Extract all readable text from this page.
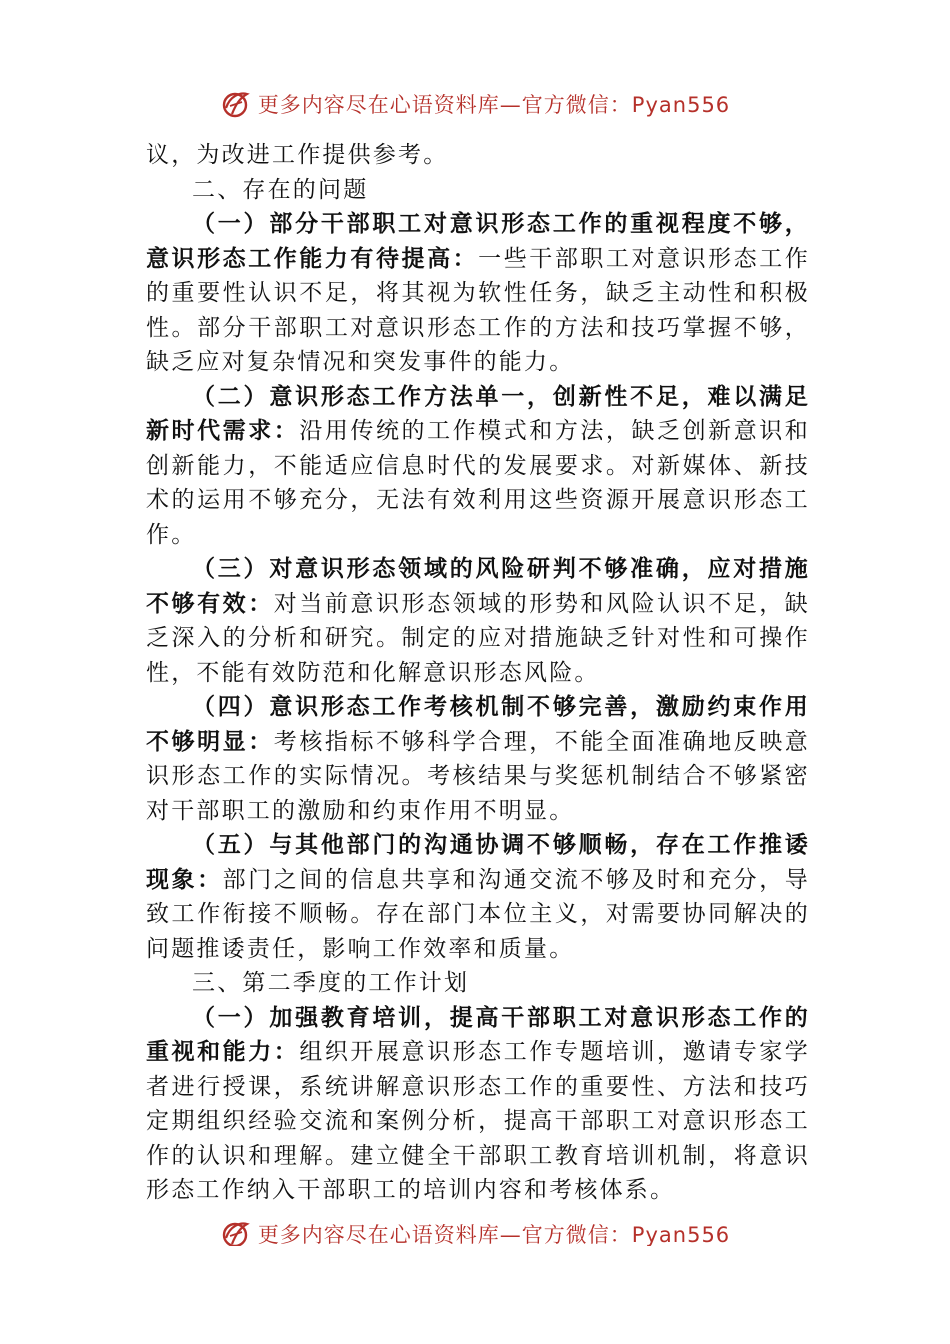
更多内容尽在心语资料库—官方微信：Pyan556

议，为改进工作提供参考。

二、存在的问题

（一）部分干部职工对意识形态工作的重视程度不够，意识形态工作能力有待提高：一些干部职工对意识形态工作的重要性认识不足，将其视为软性任务，缺乏主动性和积极性。部分干部职工对意识形态工作的方法和技巧掌握不够，缺乏应对复杂情况和突发事件的能力。

（二）意识形态工作方法单一，创新性不足，难以满足新时代需求：沿用传统的工作模式和方法，缺乏创新意识和创新能力，不能适应信息时代的发展要求。对新媒体、新技术的运用不够充分，无法有效利用这些资源开展意识形态工作。

（三）对意识形态领域的风险研判不够准确，应对措施不够有效：对当前意识形态领域的形势和风险认识不足，缺乏深入的分析和研究。制定的应对措施缺乏针对性和可操作性，不能有效防范和化解意识形态风险。

（四）意识形态工作考核机制不够完善，激励约束作用不够明显：考核指标不够科学合理，不能全面准确地反映意识形态工作的实际情况。考核结果与奖惩机制结合不够紧密对干部职工的激励和约束作用不明显。

（五）与其他部门的沟通协调不够顺畅，存在工作推诿现象：部门之间的信息共享和沟通交流不够及时和充分，导致工作衔接不顺畅。存在部门本位主义，对需要协同解决的问题推诿责任，影响工作效率和质量。

三、第二季度的工作计划

（一）加强教育培训，提高干部职工对意识形态工作的重视和能力：组织开展意识形态工作专题培训，邀请专家学者进行授课，系统讲解意识形态工作的重要性、方法和技巧定期组织经验交流和案例分析，提高干部职工对意识形态工作的认识和理解。建立健全干部职工教育培训机制，将意识形态工作纳入干部职工的培训内容和考核体系。

更多内容尽在心语资料库—官方微信：Pyan556
